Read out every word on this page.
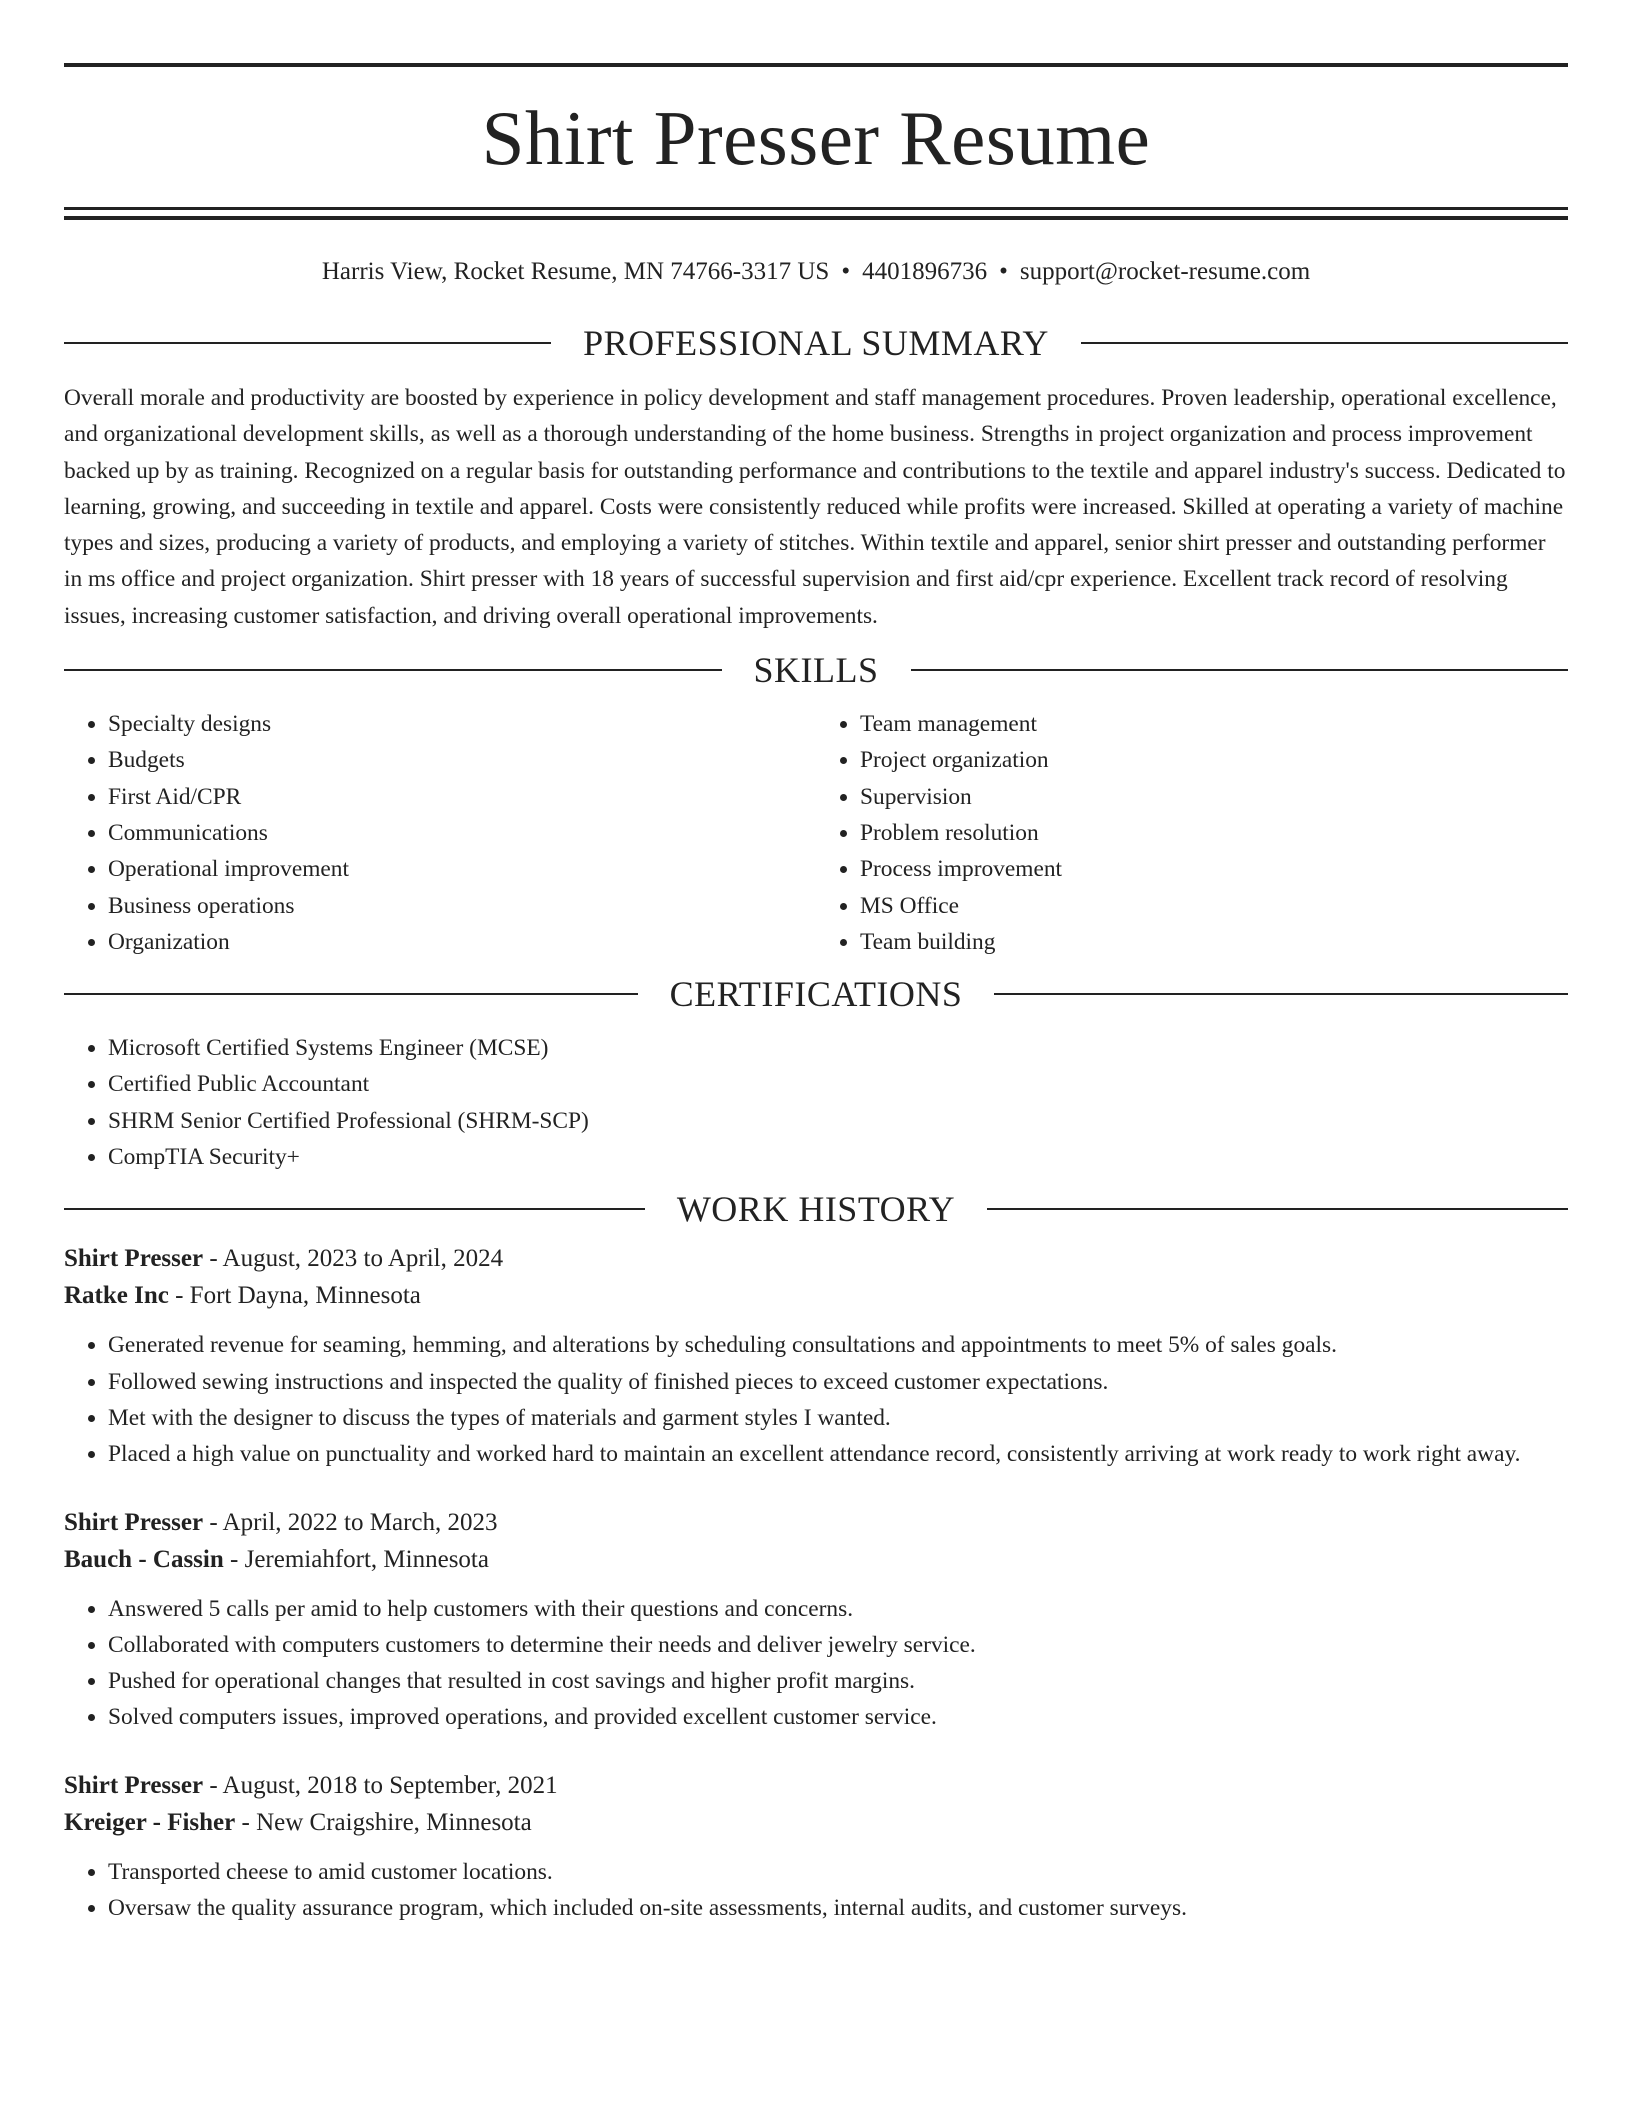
Shirt Presser Resume
Harris View, Rocket Resume, MN 74766-3317 US • 4401896736 • support@rocket-resume.com
PROFESSIONAL SUMMARY

Overall morale and productivity are boosted by experience in policy development and staff management procedures. Proven leadership, operational excellence, and organizational development skills, as well as a thorough understanding of the home business. Strengths in project organization and process improvement backed up by as training. Recognized on a regular basis for outstanding performance and contributions to the textile and apparel industry's success. Dedicated to learning, growing, and succeeding in textile and apparel. Costs were consistently reduced while profits were increased. Skilled at operating a variety of machine types and sizes, producing a variety of products, and employing a variety of stitches. Within textile and apparel, senior shirt presser and outstanding performer in ms office and project organization. Shirt presser with 18 years of successful supervision and first aid/cpr experience. Excellent track record of resolving issues, increasing customer satisfaction, and driving overall operational improvements.

SKILLS
• Specialty designs
• Budgets
• First Aid/CPR
• Communications
• Operational improvement
• Business operations
• Organization
• Team management
• Project organization
• Supervision
• Problem resolution
• Process improvement
• MS Office
• Team building
CERTIFICATIONS
• Microsoft Certified Systems Engineer (MCSE)
• Certified Public Accountant
• SHRM Senior Certified Professional (SHRM-SCP)
• CompTIA Security+
WORK HISTORY
Shirt Presser - August, 2023 to April, 2024
Ratke Inc - Fort Dayna, Minnesota
• Generated revenue for seaming, hemming, and alterations by scheduling consultations and appointments to meet 5% of sales goals.
• Followed sewing instructions and inspected the quality of finished pieces to exceed customer expectations.
• Met with the designer to discuss the types of materials and garment styles I wanted.
• Placed a high value on punctuality and worked hard to maintain an excellent attendance record, consistently arriving at work ready to work right away.
Shirt Presser - April, 2022 to March, 2023
Bauch - Cassin - Jeremiahfort, Minnesota
• Answered 5 calls per amid to help customers with their questions and concerns.
• Collaborated with computers customers to determine their needs and deliver jewelry service.
• Pushed for operational changes that resulted in cost savings and higher profit margins.
• Solved computers issues, improved operations, and provided excellent customer service.
Shirt Presser - August, 2018 to September, 2021
Kreiger - Fisher - New Craigshire, Minnesota
• Transported cheese to amid customer locations.
• Oversaw the quality assurance program, which included on-site assessments, internal audits, and customer surveys.
